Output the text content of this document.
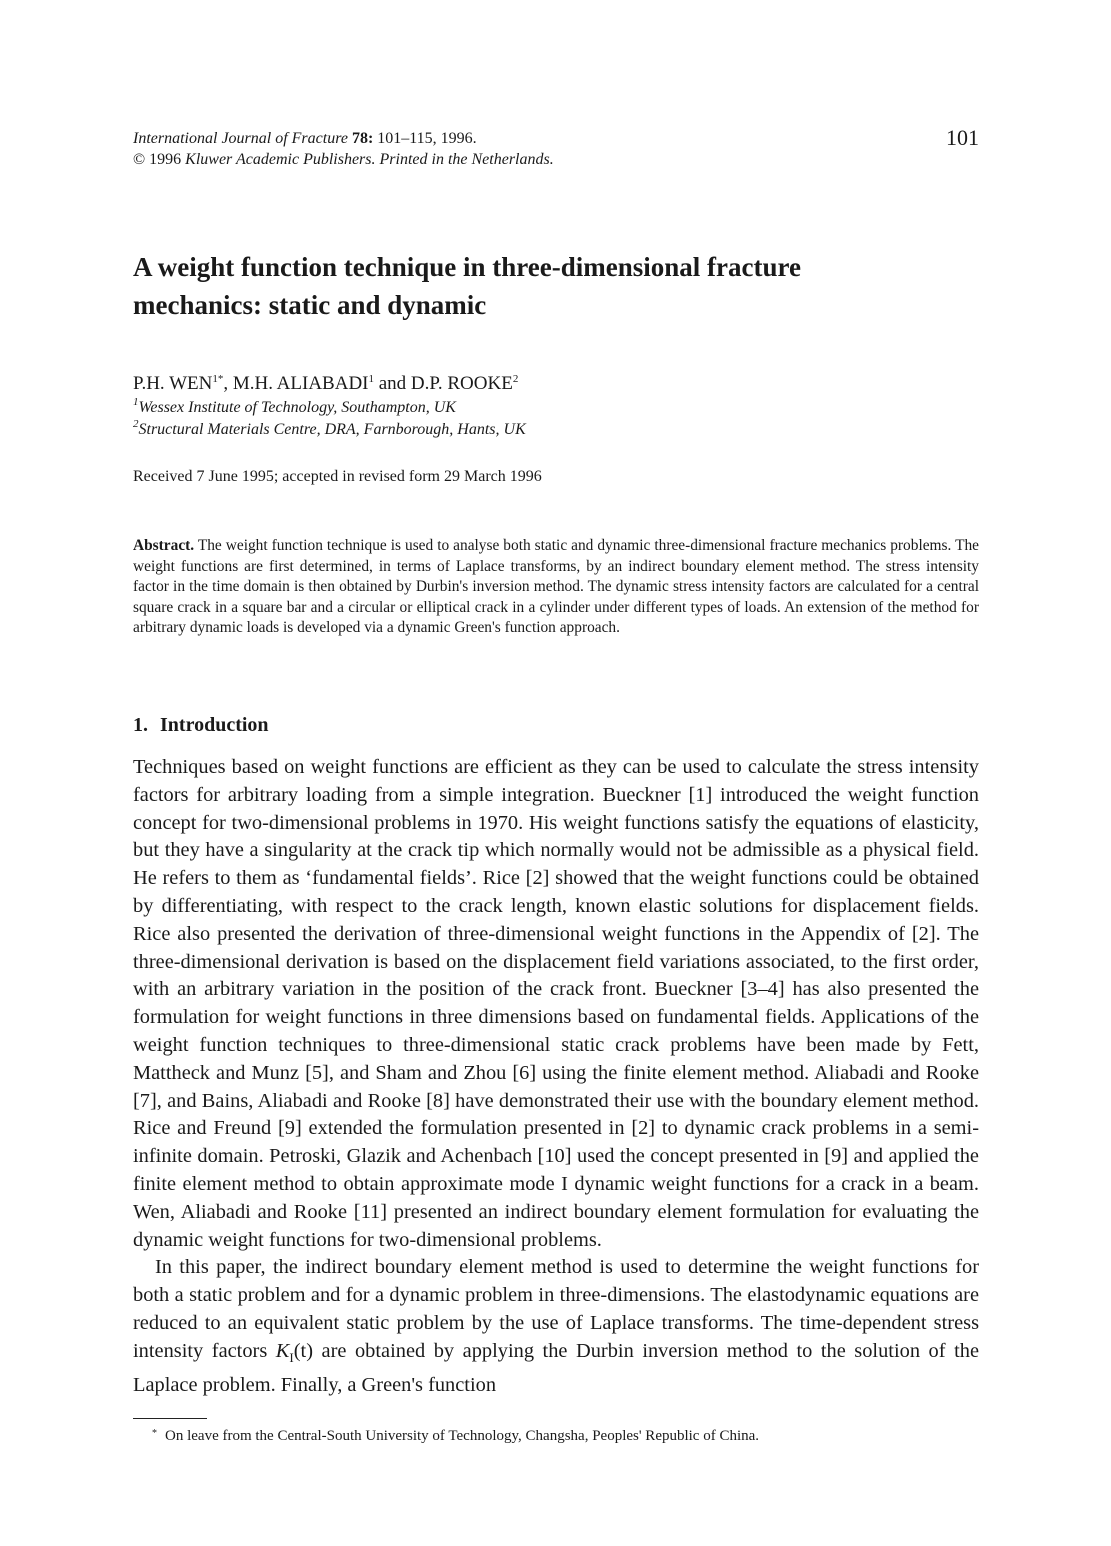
International Journal of Fracture 78: 101–115, 1996.
© 1996 Kluwer Academic Publishers. Printed in the Netherlands.
101
A weight function technique in three-dimensional fracture
mechanics: static and dynamic
P.H. $WEN^{1*}$, M.H. ALIABADI$^1$ and D.P. ROOKE$^2$
$^1$Wessex Institute of Technology, Southampton, UK
$^2$Structural Materials Centre, DRA, Farnborough, Hants, UK
Received 7 June 1995; accepted in revised form 29 March 1996

Abstract. The weight function technique is used to analyse both static and dynamic three-dimensional fracture mechanics problems. The weight functions are first determined, in terms of Laplace transforms, by an indirect boundary element method. The stress intensity factor in the time domain is then obtained by Durbin's inversion method. The dynamic stress intensity factors are calculated for a central square crack in a square bar and a circular or elliptical crack in a cylinder under different types of loads. An extension of the method for arbitrary dynamic loads is developed via a dynamic Green's function approach.

1. Introduction

Techniques based on weight functions are efficient as they can be used to calculate the stress intensity factors for arbitrary loading from a simple integration. Bueckner [1] introduced the weight function concept for two-dimensional problems in 1970. His weight functions satisfy the equations of elasticity, but they have a singularity at the crack tip which normally would not be admissible as a physical field. He refers to them as ‘fundamental fields’. Rice [2] showed that the weight functions could be obtained by differentiating, with respect to the crack length, known elastic solutions for displacement fields. Rice also presented the derivation of three-dimensional weight functions in the Appendix of [2]. The three-dimensional derivation is based on the displacement field variations associated, to the first order, with an arbitrary variation in the position of the crack front. Bueckner [3–4] has also presented the formulation for weight functions in three dimensions based on fundamental fields. Applications of the weight function techniques to three-dimensional static crack problems have been made by Fett, Mattheck and Munz [5], and Sham and Zhou [6] using the finite element method. Aliabadi and Rooke [7], and Bains, Aliabadi and Rooke [8] have demonstrated their use with the boundary element method. Rice and Freund [9] extended the formulation presented in [2] to dynamic crack problems in a semi-infinite domain. Petroski, Glazik and Achenbach [10] used the concept presented in [9] and applied the finite element method to obtain approximate mode I dynamic weight functions for a crack in a beam. Wen, Aliabadi and Rooke [11] presented an indirect boundary element formulation for evaluating the dynamic weight functions for two-dimensional problems.

In this paper, the indirect boundary element method is used to determine the weight functions for both a static problem and for a dynamic problem in three-dimensions. The elastodynamic equations are reduced to an equivalent static problem by the use of Laplace transforms. The time-dependent stress intensity factors $K_I(t)$ are obtained by applying the Durbin inversion method to the solution of the Laplace problem. Finally, a Green's function

* On leave from the Central-South University of Technology, Changsha, Peoples' Republic of China.
